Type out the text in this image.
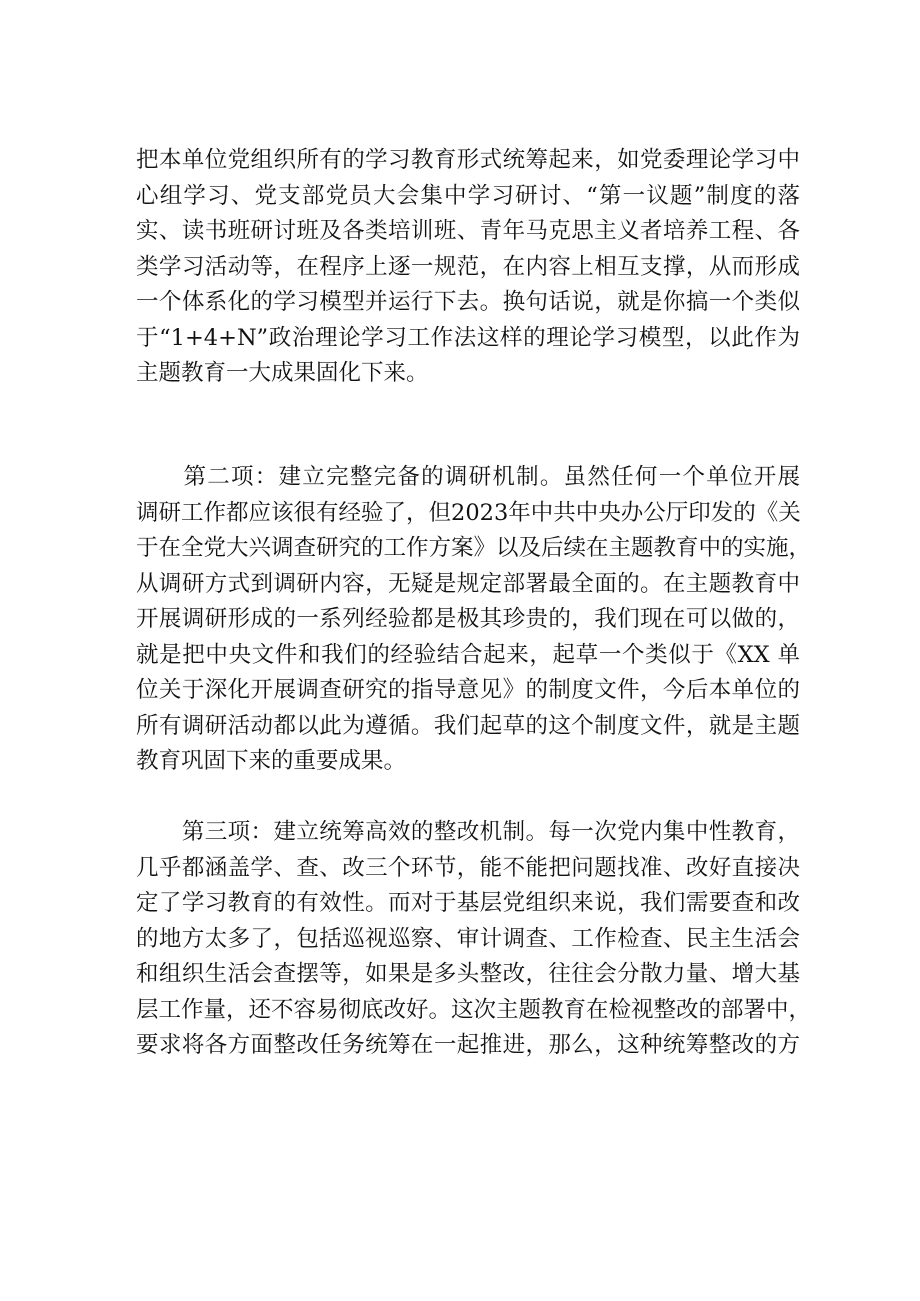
把本单位党组织所有的学习教育形式统筹起来，如党委理论学习中
心组学习、党支部党员大会集中学习研讨、“第一议题”制度的落
实、读书班研讨班及各类培训班、青年马克思主义者培养工程、各
类学习活动等，在程序上逐一规范，在内容上相互支撑，从而形成
一个体系化的学习模型并运行下去。换句话说，就是你搞一个类似
于“1+4+N”政治理论学习工作法这样的理论学习模型，以此作为
主题教育一大成果固化下来。
　　第二项：建立完整完备的调研机制。虽然任何一个单位开展
调研工作都应该很有经验了，但2023年中共中央办公厅印发的《关
于在全党大兴调查研究的工作方案》以及后续在主题教育中的实施，
从调研方式到调研内容，无疑是规定部署最全面的。在主题教育中
开展调研形成的一系列经验都是极其珍贵的，我们现在可以做的，
就是把中央文件和我们的经验结合起来，起草一个类似于《XX 单
位关于深化开展调查研究的指导意见》的制度文件，今后本单位的
所有调研活动都以此为遵循。我们起草的这个制度文件，就是主题
教育巩固下来的重要成果。
　　第三项：建立统筹高效的整改机制。每一次党内集中性教育，
几乎都涵盖学、查、改三个环节，能不能把问题找准、改好直接决
定了学习教育的有效性。而对于基层党组织来说，我们需要查和改
的地方太多了，包括巡视巡察、审计调查、工作检查、民主生活会
和组织生活会查摆等，如果是多头整改，往往会分散力量、增大基
层工作量，还不容易彻底改好。这次主题教育在检视整改的部署中，
要求将各方面整改任务统筹在一起推进，那么，这种统筹整改的方
